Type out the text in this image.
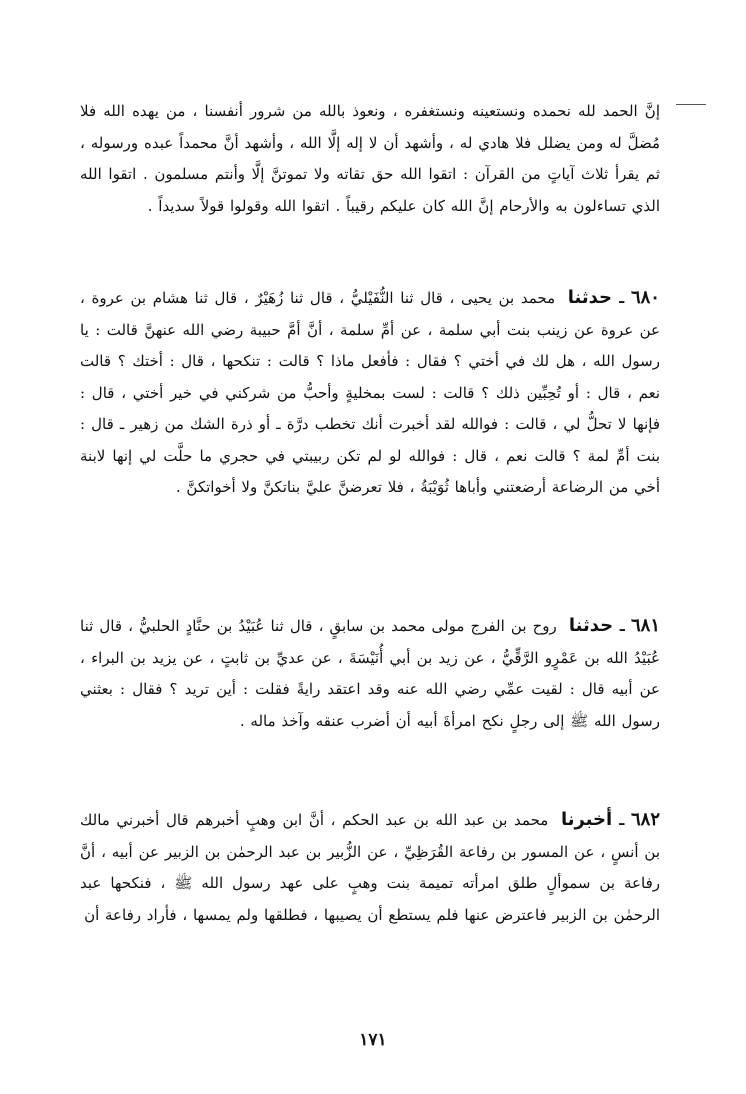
إنَّ الحمد لله نحمده ونستعينه ونستغفره ، ونعوذ بالله من شرور أنفسنا ، من يهده الله فلا مُضلَّ له ومن يضلل فلا هادي له ، وأشهد أن لا إله إلَّا الله ، وأشهد أنَّ محمداً عبده ورسوله ، ثم يقرأ ثلاث آياتٍ من القرآن : اتقوا الله حق تقاته ولا تموتنَّ إلَّا وأنتم مسلمون . اتقوا الله الذي تساءلون به والأرحام إنَّ الله كان عليكم رقيباً . اتقوا الله وقولوا قولاً سديداً .

٦٨٠ ـ حدثنا محمد بن يحيى ، قال ثنا النُّفَيْليُّ ، قال ثنا زُهَيْرٌ ، قال ثنا هشام بن عروة ، عن عروة عن زينب بنت أبي سلمة ، عن أمِّ سلمة ، أنَّ أمَّ حبيبة رضي الله عنهنَّ قالت : يا رسول الله ، هل لك في أختي ؟ فقال : فأفعل ماذا ؟ قالت : تنكحها ، قال : أختك ؟ قالت نعم ، قال : أو تُحِبِّين ذلك ؟ قالت : لست بمخليةٍ وأحبُّ من شركني في خير أختي ، قال : فإنها لا تحلُّ لي ، قالت : فوالله لقد أخبرت أنك تخطب درَّة ـ أو ذرة الشك من زهير ـ قال : بنت أمِّ لمة ؟ قالت نعم ، قال : فوالله لو لم تكن ربيبتي في حجري ما حلَّت لي إنها لابنة أخي من الرضاعة أرضعتني وأباها ثُوَيْبَةُ ، فلا تعرضنَّ عليَّ بناتكنَّ ولا أخواتكنَّ .

٦٨١ ـ حدثنا روح بن الفرج مولى محمد بن سابقٍ ، قال ثنا عُبَيْدُ بن حنَّادٍ الحلبيُّ ، قال ثنا عُبَيْدُ الله بن عَمْرٍو الرَّقِّيُّ ، عن زيد بن أبي أُنَيْسَةَ ، عن عديِّ بن ثابتٍ ، عن يزيد بن البراء ، عن أبيه قال : لقيت عمِّي رضي الله عنه وقد اعتقد رايةً فقلت : أين تريد ؟ فقال : بعثني رسول الله ﷺ إلى رجلٍ نكح امرأةَ أبيه أن أضرب عنقه وآخذ ماله .

٦٨٢ ـ أخبرنا محمد بن عبد الله بن عبد الحكم ، أنَّ ابن وهبٍ أخبرهم قال أخبرني مالك بن أنسٍ ، عن المسور بن رفاعة القُرَظِيِّ ، عن الزُّبير بن عبد الرحمٰن بن الزبير عن أبيه ، أنَّ رفاعة بن سموألٍ طلق امرأته تميمة بنت وهبٍ على عهد رسول الله ﷺ ، فنكحها عبد الرحمٰن بن الزبير فاعترض عنها فلم يستطع أن يصيبها ، فطلقها ولم يمسها ، فأراد رفاعة أن

١٧١
